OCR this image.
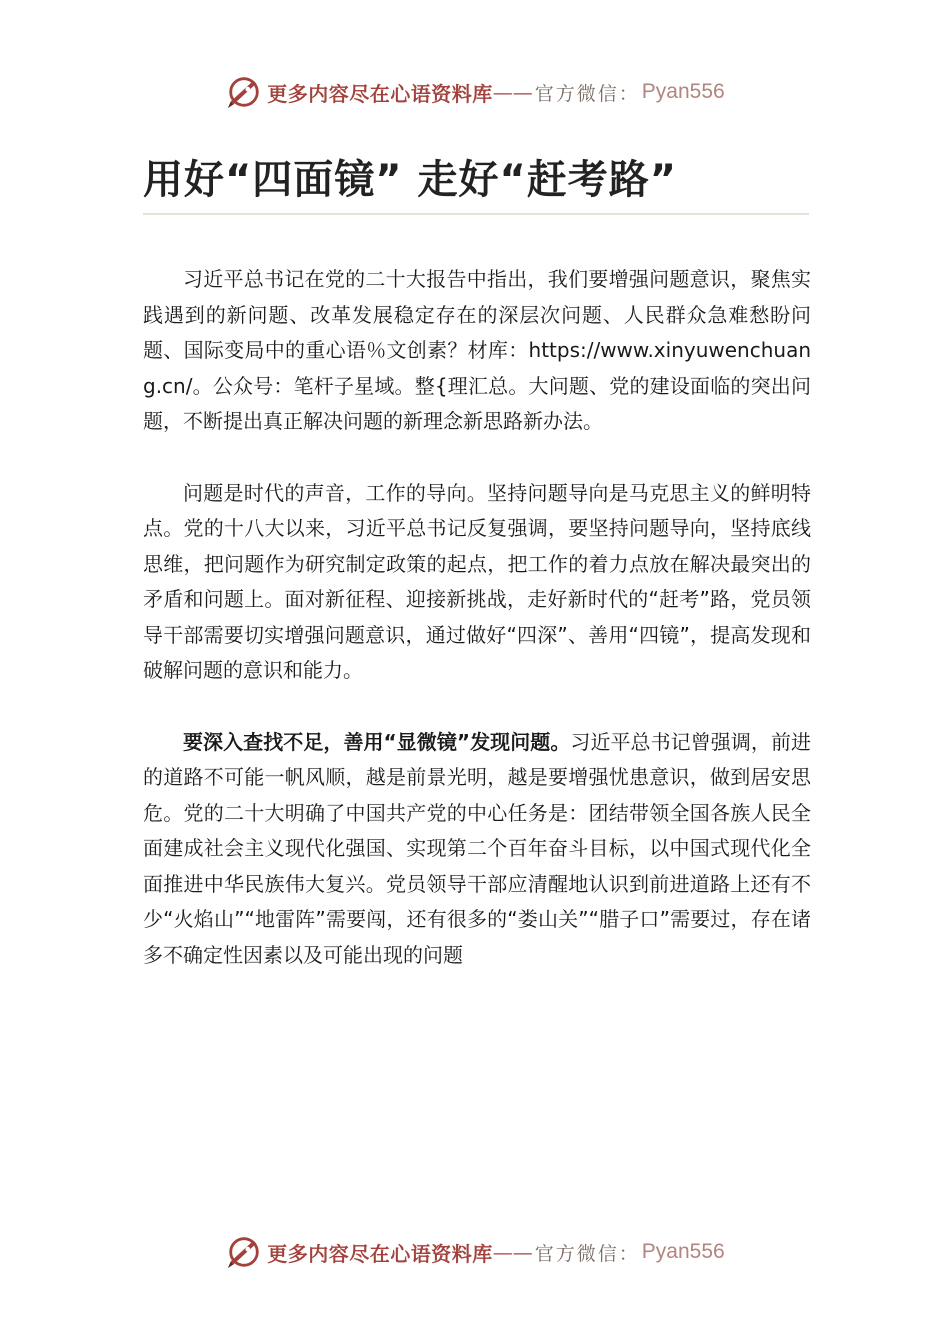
更多内容尽在心语资料库 —— 官方微信： Pyan556
用好“四面镜” 走好“赶考路”

习近平总书记在党的二十大报告中指出，我们要增强问题意识，聚焦实践遇到的新问题、改革发展稳定存在的深层次问题、人民群众急难愁盼问题、国际变局中的重心语％文创素？材库：https://www.xinyuwenchuang.cn/。公众号：笔杆子星域。整{理汇总。大问题、党的建设面临的突出问题，不断提出真正解决问题的新理念新思路新办法。

问题是时代的声音，工作的导向。坚持问题导向是马克思主义的鲜明特点。党的十八大以来，习近平总书记反复强调，要坚持问题导向，坚持底线思维，把问题作为研究制定政策的起点，把工作的着力点放在解决最突出的矛盾和问题上。面对新征程、迎接新挑战，走好新时代的“赶考”路，党员领导干部需要切实增强问题意识，通过做好“四深”、善用“四镜”，提高发现和破解问题的意识和能力。

要深入查找不足，善用“显微镜”发现问题。习近平总书记曾强调，前进的道路不可能一帆风顺，越是前景光明，越是要增强忧患意识，做到居安思危。党的二十大明确了中国共产党的中心任务是：团结带领全国各族人民全面建成社会主义现代化强国、实现第二个百年奋斗目标，以中国式现代化全面推进中华民族伟大复兴。党员领导干部应清醒地认识到前进道路上还有不少“火焰山”“地雷阵”需要闯，还有很多的“娄山关”“腊子口”需要过，存在诸多不确定性因素以及可能出现的问题

更多内容尽在心语资料库 —— 官方微信： Pyan556
